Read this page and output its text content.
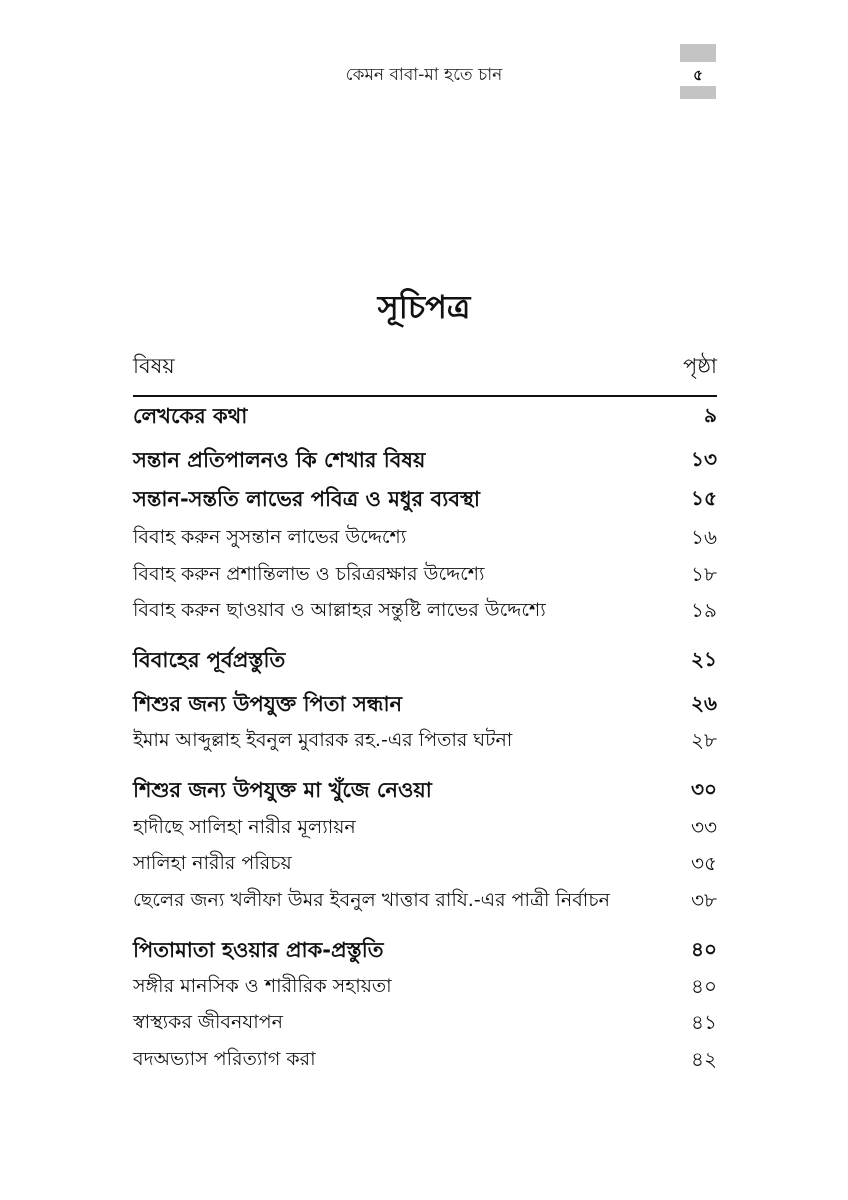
কেমন বাবা-মা হতে চান	৫
সূচিপত্র
বিষয়	পৃষ্ঠা
লেখকের কথা	৯
সন্তান প্রতিপালনও কি শেখার বিষয়	১৩
সন্তান-সন্ততি লাভের পবিত্র ও মধুর ব্যবস্থা	১৫
বিবাহ করুন সুসন্তান লাভের উদ্দেশ্যে	১৬
বিবাহ করুন প্রশান্তিলাভ ও চরিত্ররক্ষার উদ্দেশ্যে	১৮
বিবাহ করুন ছাওয়াব ও আল্লাহর সন্তুষ্টি লাভের উদ্দেশ্যে	১৯
বিবাহের পূর্বপ্রস্তুতি	২১
শিশুর জন্য উপযুক্ত পিতা সন্ধান	২৬
ইমাম আব্দুল্লাহ ইবনুল মুবারক রহ.-এর পিতার ঘটনা	২৮
শিশুর জন্য উপযুক্ত মা খুঁজে নেওয়া	৩০
হাদীছে সালিহা নারীর মূল্যায়ন	৩৩
সালিহা নারীর পরিচয়	৩৫
ছেলের জন্য খলীফা উমর ইবনুল খাত্তাব রাযি.-এর পাত্রী নির্বাচন	৩৮
পিতামাতা হওয়ার প্রাক-প্রস্তুতি	৪০
সঙ্গীর মানসিক ও শারীরিক সহায়তা	৪০
স্বাস্থ্যকর জীবনযাপন	৪১
বদঅভ্যাস পরিত্যাগ করা	৪২
